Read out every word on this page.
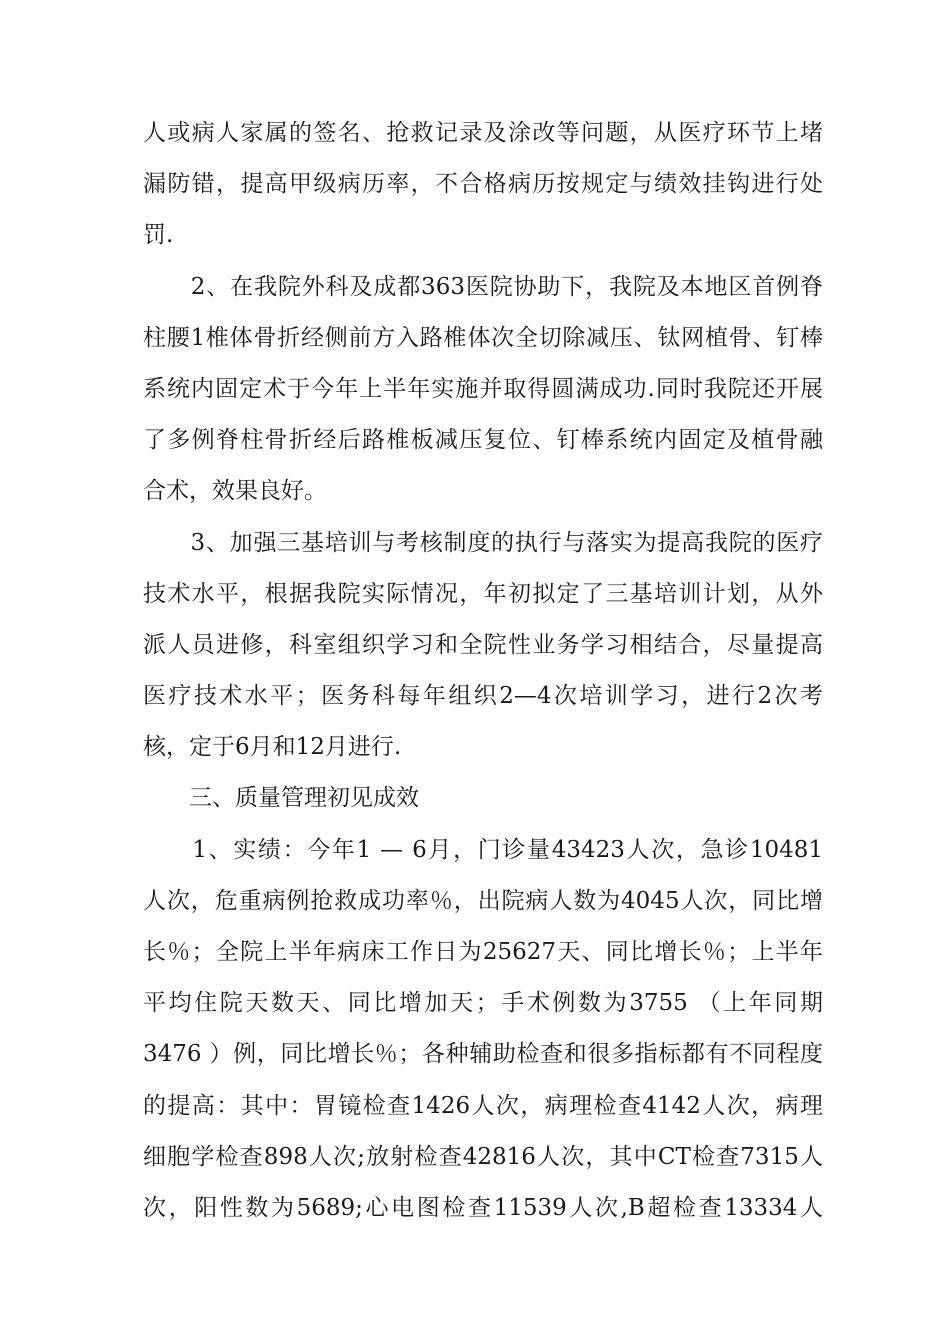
人或病人家属的签名、抢救记录及涂改等问题，从医疗环节上堵
漏防错，提高甲级病历率，不合格病历按规定与绩效挂钩进行处
罚.
　　2、在我院外科及成都363医院协助下，我院及本地区首例脊
柱腰1椎体骨折经侧前方入路椎体次全切除减压、钛网植骨、钉棒
系统内固定术于今年上半年实施并取得圆满成功.同时我院还开展
了多例脊柱骨折经后路椎板减压复位、钉棒系统内固定及植骨融
合术，效果良好。
　　3、加强三基培训与考核制度的执行与落实为提高我院的医疗
技术水平，根据我院实际情况，年初拟定了三基培训计划，从外
派人员进修，科室组织学习和全院性业务学习相结合，尽量提高
医疗技术水平；医务科每年组织2—4次培训学习，进行2次考
核，定于6月和12月进行.
　　三、质量管理初见成效
　　1、实绩：今年1 — 6月，门诊量43423人次，急诊10481
人次，危重病例抢救成功率％，出院病人数为4045人次，同比增
长％；全院上半年病床工作日为25627天、同比增长％；上半年
平均住院天数天、同比增加天；手术例数为3755 （上年同期
3476 ）例，同比增长％；各种辅助检查和很多指标都有不同程度
的提高：其中：胃镜检查1426人次，病理检查4142人次，病理
细胞学检查898人次;放射检查42816人次，其中CT检查7315人
次，阳性数为5689;心电图检查11539人次,B超检查13334人
